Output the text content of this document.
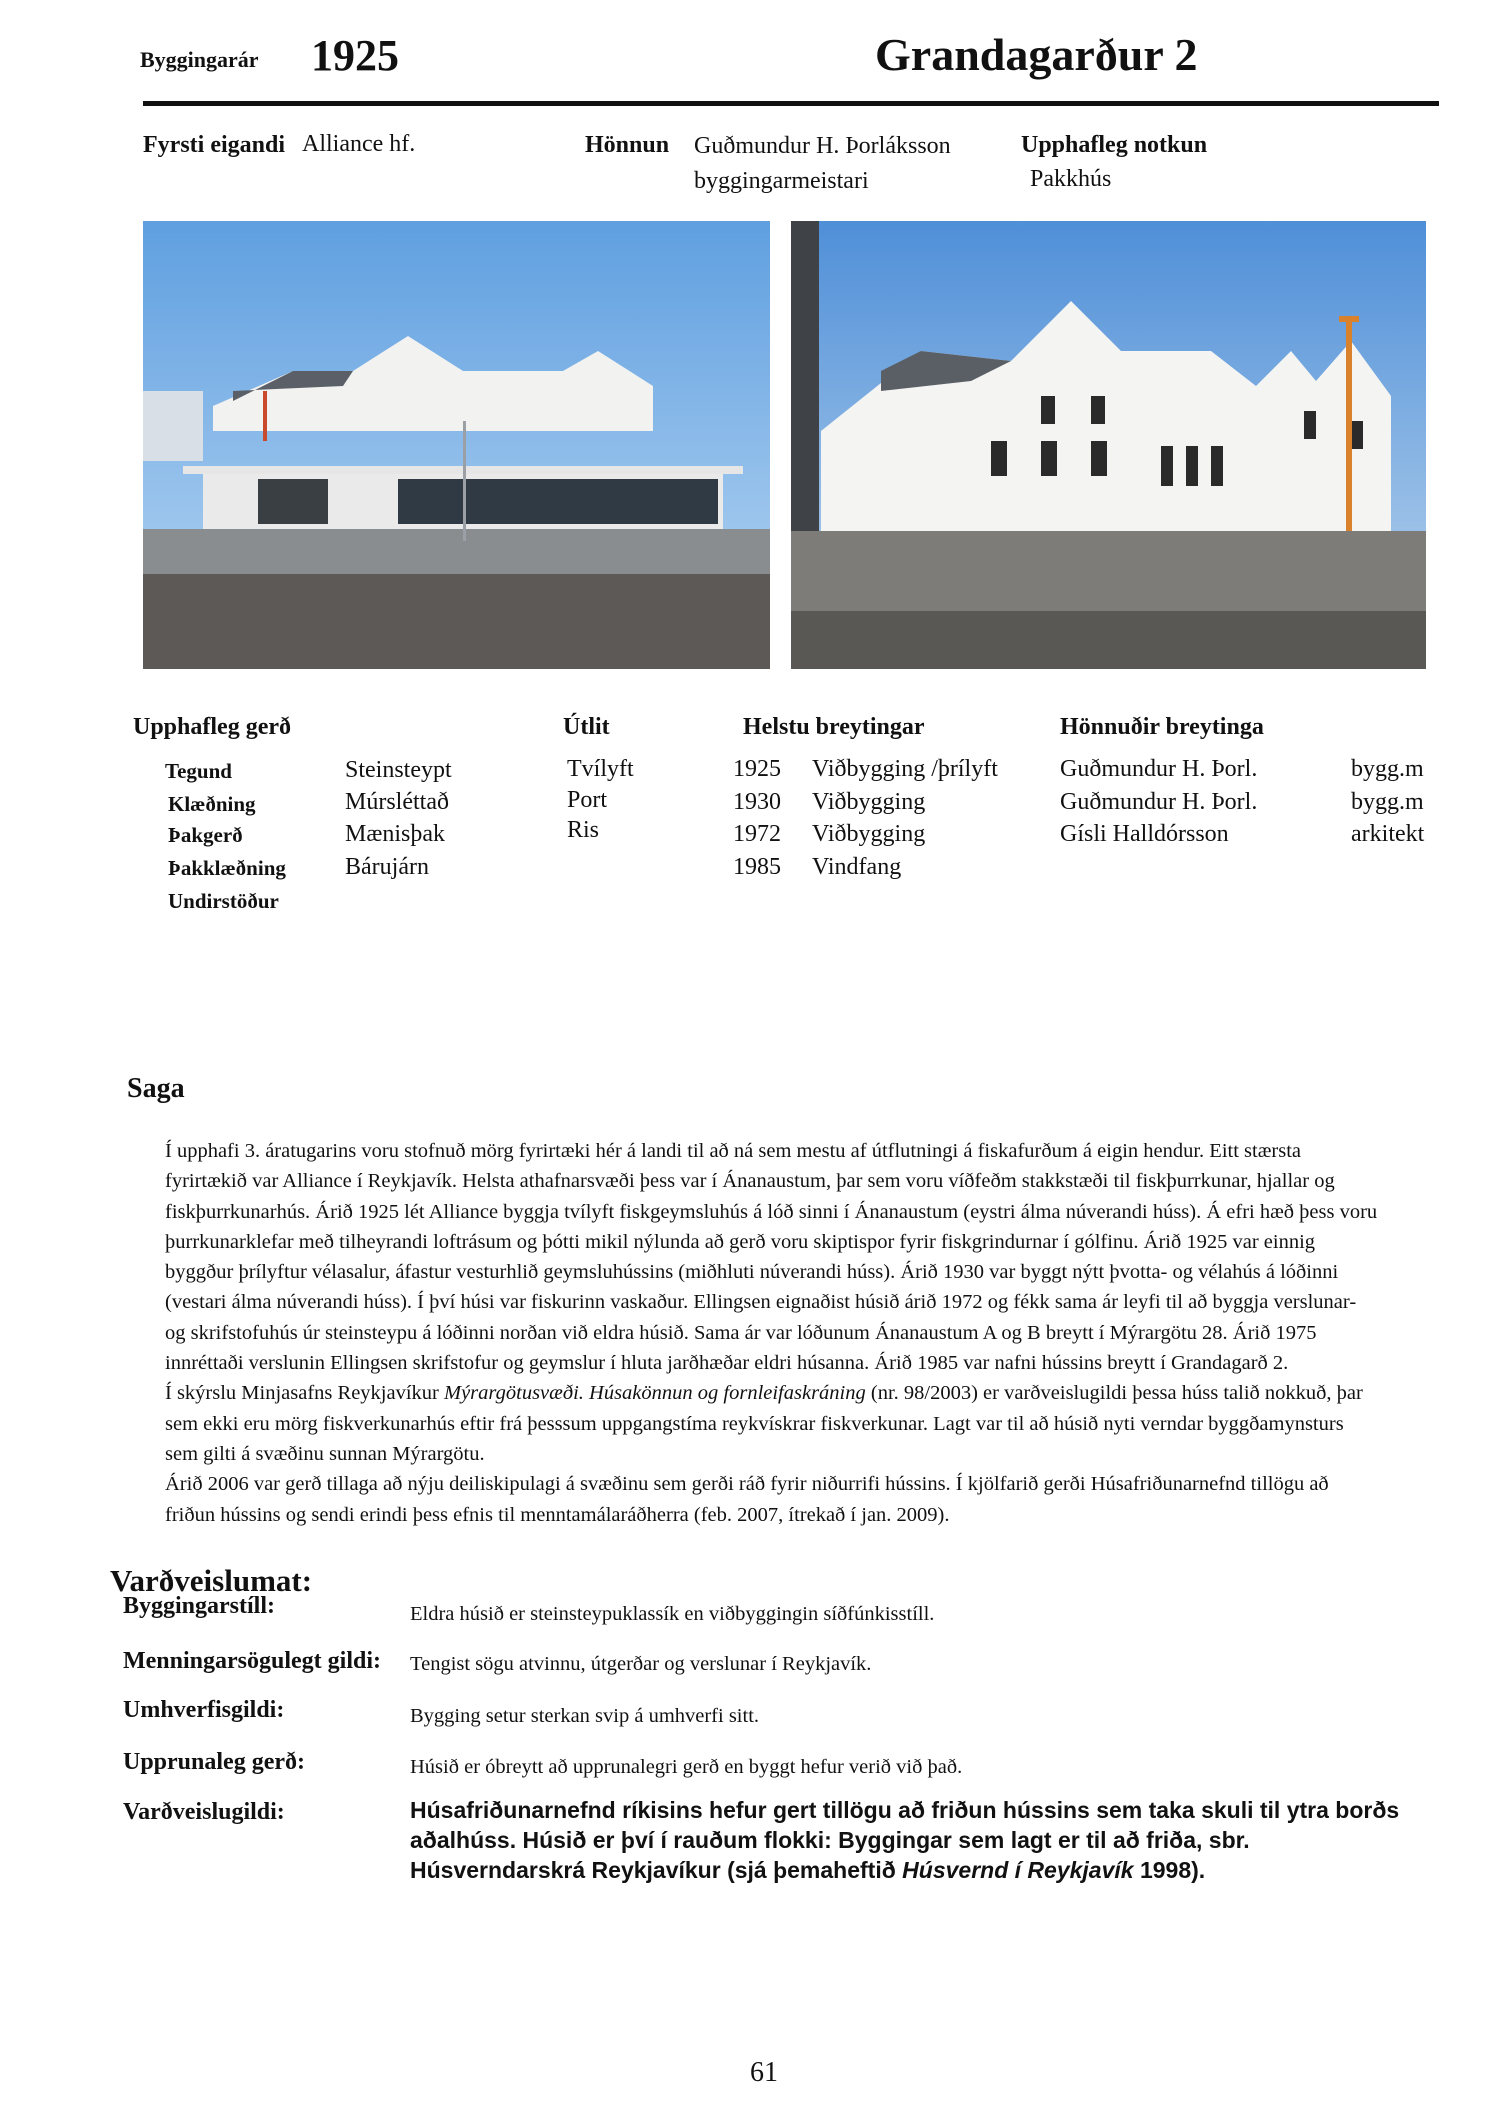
Byggingarár 1925	Grandagarður 2
Fyrsti eigandi Alliance hf.	Hönnun Guðmundur H. Þorláksson
byggingarmeistari
Upphafleg notkun
Pakkhús
Upphafleg gerð
Tegund	Steinsteypt
Klæðning	Múrsléttað
Þakgerð	Mænisþak
Þakklæðning Bárujárn
Undirstöður
Útlit
Tvílyft
Port
Ris
Helstu breytingar
1925 Viðbygging /þrílyft
1930 Viðbygging
1972 Viðbygging
1985 Vindfang
Hönnuðir breytinga
Guðmundur H. Þorl.	bygg.m
Guðmundur H. Þorl.	bygg.m
Gísli Halldórsson	arkitekt
Saga

Í upphafi 3. áratugarins voru stofnuð mörg fyrirtæki hér á landi til að ná sem mestu af útflutningi á fiskafurðum á eigin hendur. Eitt stærsta fyrirtækið var Alliance í Reykjavík. Helsta athafnarsvæði þess var í Ánanaustum, þar sem voru víðfeðm stakkstæði til fiskþurrkunar, hjallar og fiskþurrkunarhús. Árið 1925 lét Alliance byggja tvílyft fiskgeymsluhús á lóð sinni í Ánanaustum (eystri álma núverandi húss). Á efri hæð þess voru þurrkunarklefar með tilheyrandi loftrásum og þótti mikil nýlunda að gerð voru skiptispor fyrir fiskgrindurnar í gólfinu. Árið 1925 var einnig byggður þrílyftur vélasalur, áfastur vesturhlið geymsluhússins (miðhluti núverandi húss). Árið 1930 var byggt nýtt þvotta- og vélahús á lóðinni (vestari álma núverandi húss). Í því húsi var fiskurinn vaskaður. Ellingsen eignaðist húsið árið 1972 og fékk sama ár leyfi til að byggja verslunar- og skrifstofuhús úr steinsteypu á lóðinni norðan við eldra húsið. Sama ár var lóðunum Ánanaustum A og B breytt í Mýrargötu 28. Árið 1975 innréttaði verslunin Ellingsen skrifstofur og geymslur í hluta jarðhæðar eldri húsanna. Árið 1985 var nafni hússins breytt í Grandagarð 2.

Í skýrslu Minjasafns Reykjavíkur Mýrargötusvæði. Húsakönnun og fornleifaskráning (nr. 98/2003) er varðveislugildi þessa húss talið nokkuð, þar sem ekki eru mörg fiskverkunarhús eftir frá þesssum uppgangstíma reykvískrar fiskverkunar. Lagt var til að húsið nyti verndar byggðamynsturs sem gilti á svæðinu sunnan Mýrargötu.

Árið 2006 var gerð tillaga að nýju deiliskipulagi á svæðinu sem gerði ráð fyrir niðurrifi hússins. Í kjölfarið gerði Húsafriðunarnefnd tillögu að friðun hússins og sendi erindi þess efnis til menntamálaráðherra (feb. 2007, ítrekað í jan. 2009).

Varðveislumat:
Byggingarstíll:	Eldra húsið er steinsteypuklassík en viðbyggingin síðfúnkisstíll.
Menningarsögulegt gildi: Tengist sögu atvinnu, útgerðar og verslunar í Reykjavík.
Umhverfisgildi:	Bygging setur sterkan svip á umhverfi sitt.
Upprunaleg gerð:	Húsið er óbreytt að upprunalegri gerð en byggt hefur verið við það.
Varðveislugildi:	Húsafriðunarnefnd ríkisins hefur gert tillögu að friðun hússins sem taka skuli til ytra borðs aðalhúss. Húsið er því í rauðum flokki: Byggingar sem lagt er til að friða, sbr. Húsverndarskrá Reykjavíkur (sjá þemaheftið Húsvernd í Reykjavík 1998).
61
